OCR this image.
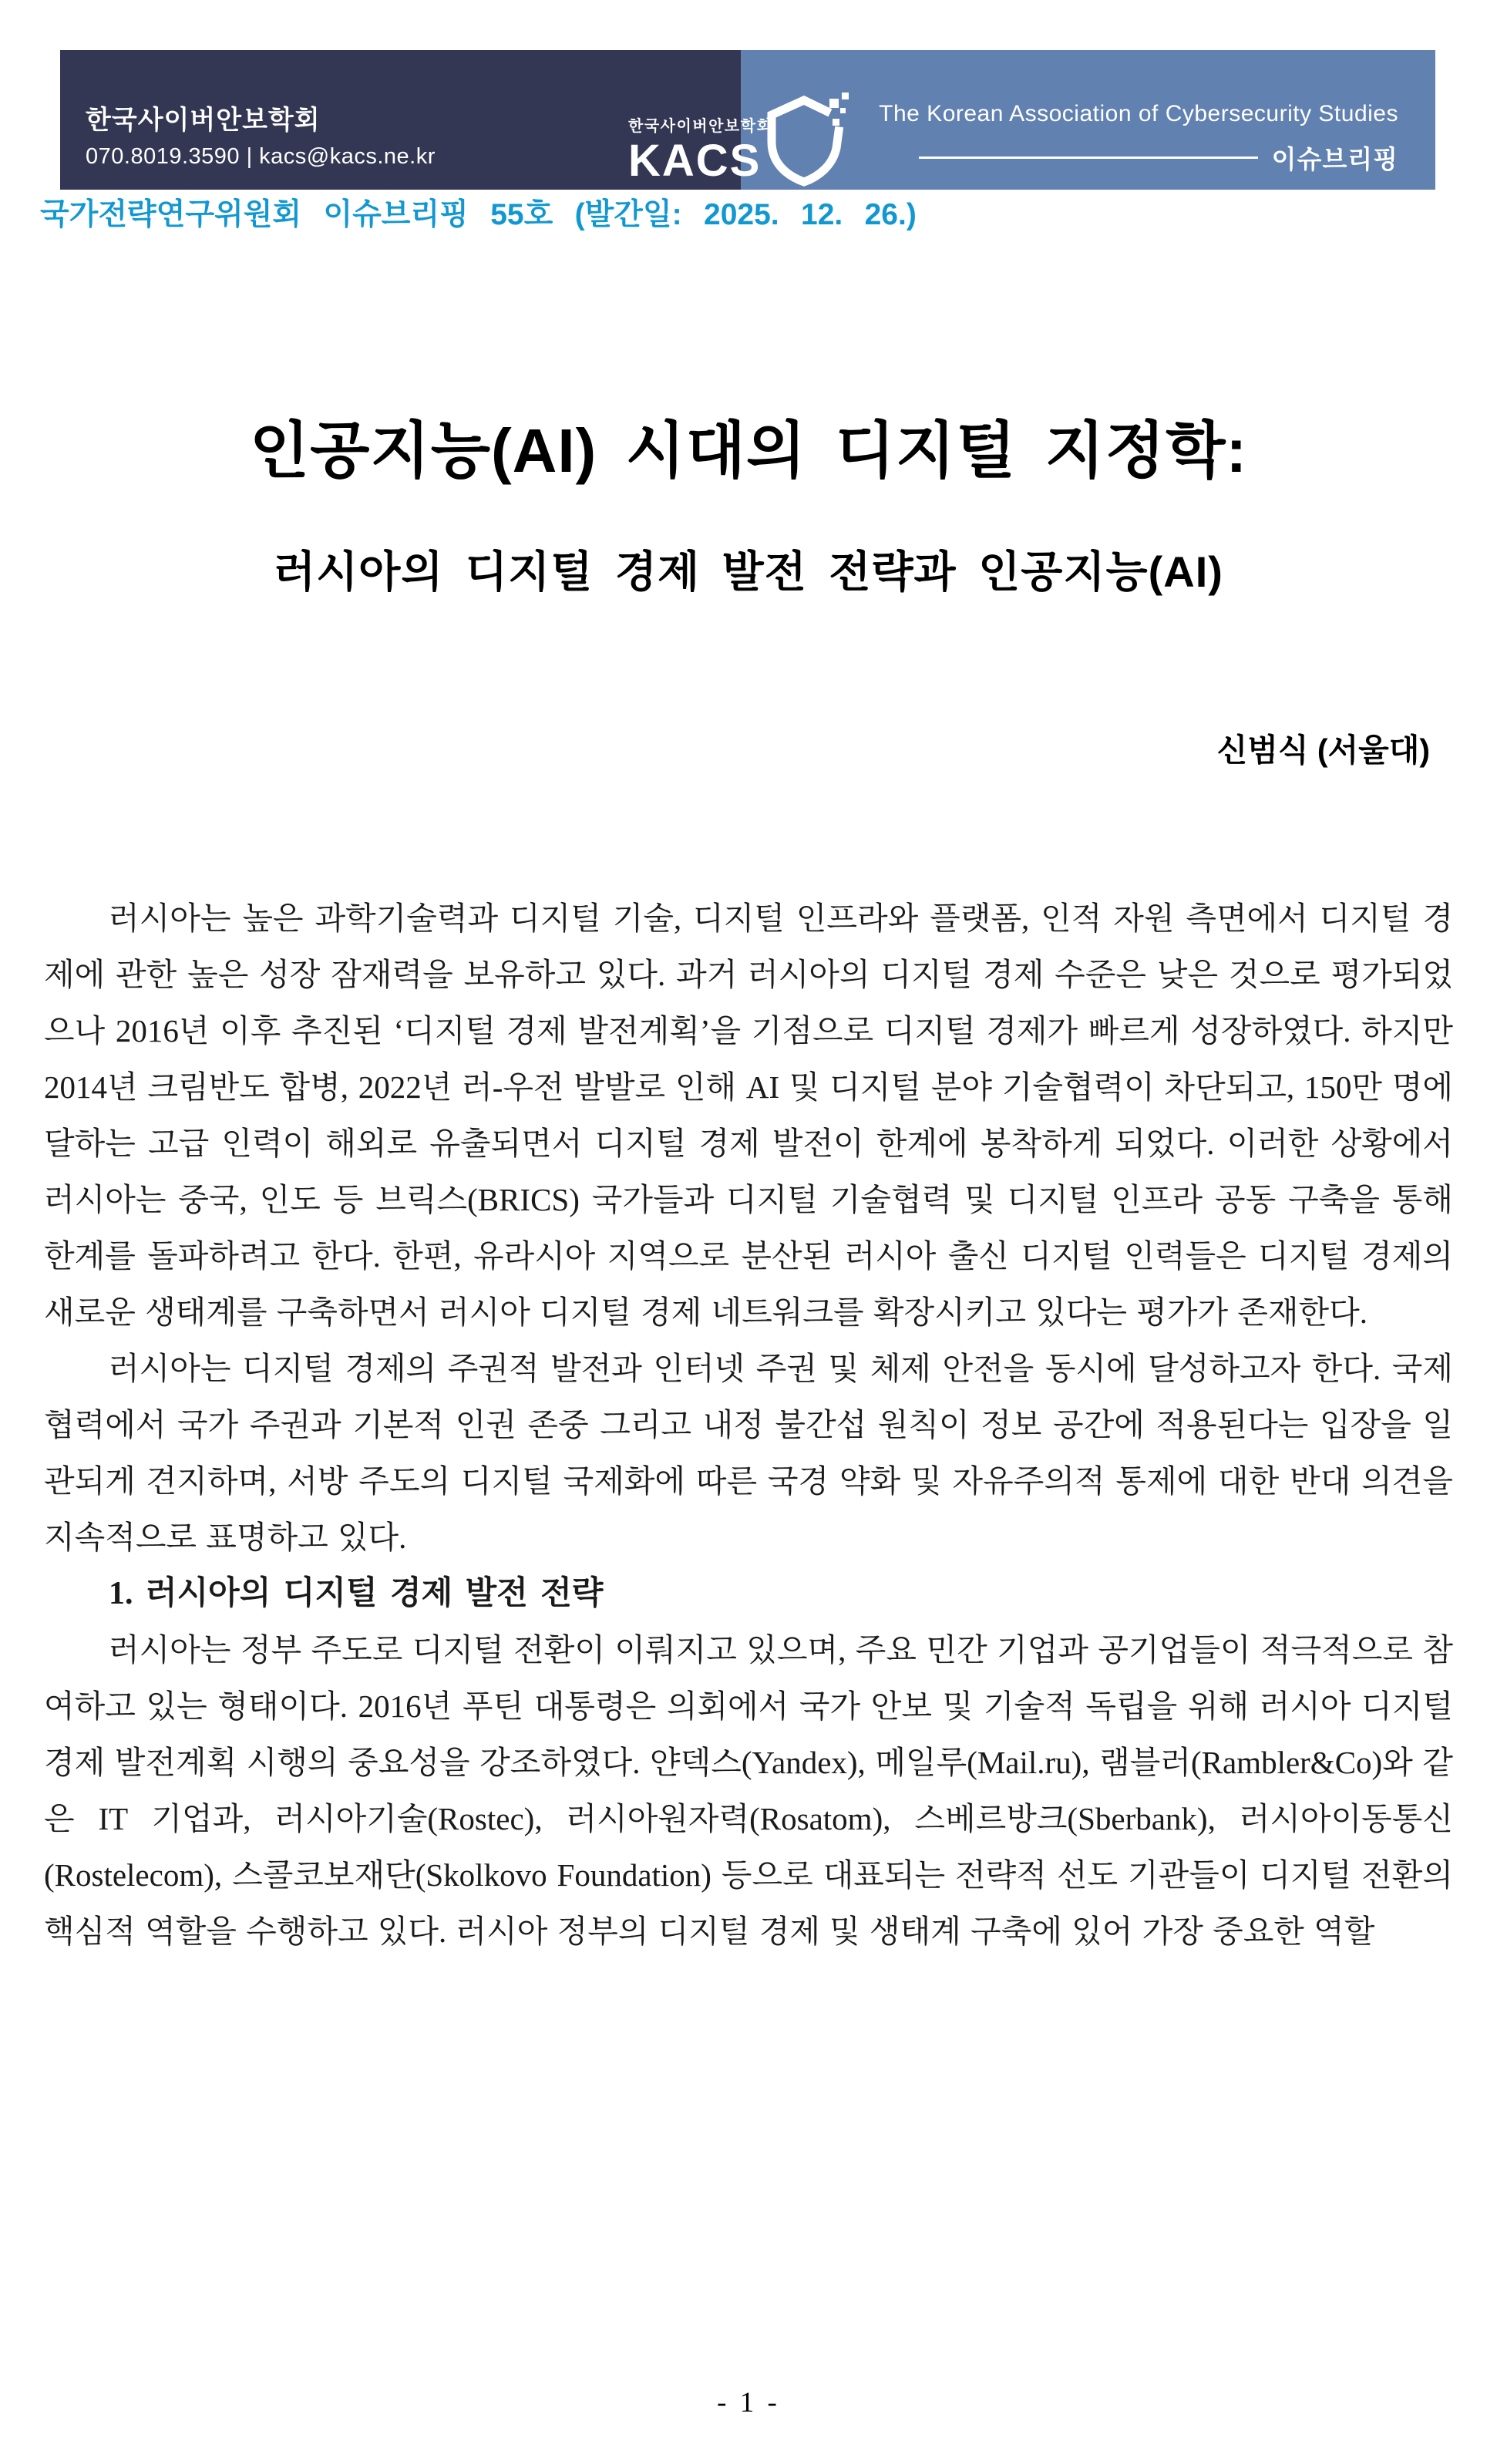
한국사이버안보학회
070.8019.3590 | kacs@kacs.ne.kr
The Korean Association of Cybersecurity Studies
이슈브리핑
한국사이버안보학회
KACS
국가전략연구위원회 이슈브리핑 55호 (발간일: 2025. 12. 26.)
인공지능(AI) 시대의 디지털 지정학:
러시아의 디지털 경제 발전 전략과 인공지능(AI)
신범식 (서울대)

러시아는 높은 과학기술력과 디지털 기술, 디지털 인프라와 플랫폼, 인적 자원 측면에서 디지털 경제에 관한 높은 성장 잠재력을 보유하고 있다. 과거 러시아의 디지털 경제 수준은 낮은 것으로 평가되었으나 2016년 이후 추진된 ‘디지털 경제 발전계획’을 기점으로 디지털 경제가 빠르게 성장하였다. 하지만 2014년 크림반도 합병, 2022년 러-우전 발발로 인해 AI 및 디지털 분야 기술협력이 차단되고, 150만 명에 달하는 고급 인력이 해외로 유출되면서 디지털 경제 발전이 한계에 봉착하게 되었다. 이러한 상황에서 러시아는 중국, 인도 등 브릭스(BRICS) 국가들과 디지털 기술협력 및 디지털 인프라 공동 구축을 통해 한계를 돌파하려고 한다. 한편, 유라시아 지역으로 분산된 러시아 출신 디지털 인력들은 디지털 경제의 새로운 생태계를 구축하면서 러시아 디지털 경제 네트워크를 확장시키고 있다는 평가가 존재한다.

러시아는 디지털 경제의 주권적 발전과 인터넷 주권 및 체제 안전을 동시에 달성하고자 한다. 국제협력에서 국가 주권과 기본적 인권 존중 그리고 내정 불간섭 원칙이 정보 공간에 적용된다는 입장을 일관되게 견지하며, 서방 주도의 디지털 국제화에 따른 국경 약화 및 자유주의적 통제에 대한 반대 의견을 지속적으로 표명하고 있다.

1. 러시아의 디지털 경제 발전 전략

러시아는 정부 주도로 디지털 전환이 이뤄지고 있으며, 주요 민간 기업과 공기업들이 적극적으로 참여하고 있는 형태이다. 2016년 푸틴 대통령은 의회에서 국가 안보 및 기술적 독립을 위해 러시아 디지털 경제 발전계획 시행의 중요성을 강조하였다. 얀덱스(Yandex), 메일루(Mail.ru), 램블러(Rambler&Co)와 같은 IT 기업과, 러시아기술(Rostec), 러시아원자력(Rosatom), 스베르방크(Sberbank), 러시아이동통신(Rostelecom), 스콜코보재단(Skolkovo Foundation) 등으로 대표되는 전략적 선도 기관들이 디지털 전환의 핵심적 역할을 수행하고 있다. 러시아 정부의 디지털 경제 및 생태계 구축에 있어 가장 중요한 역할

- 1 -
